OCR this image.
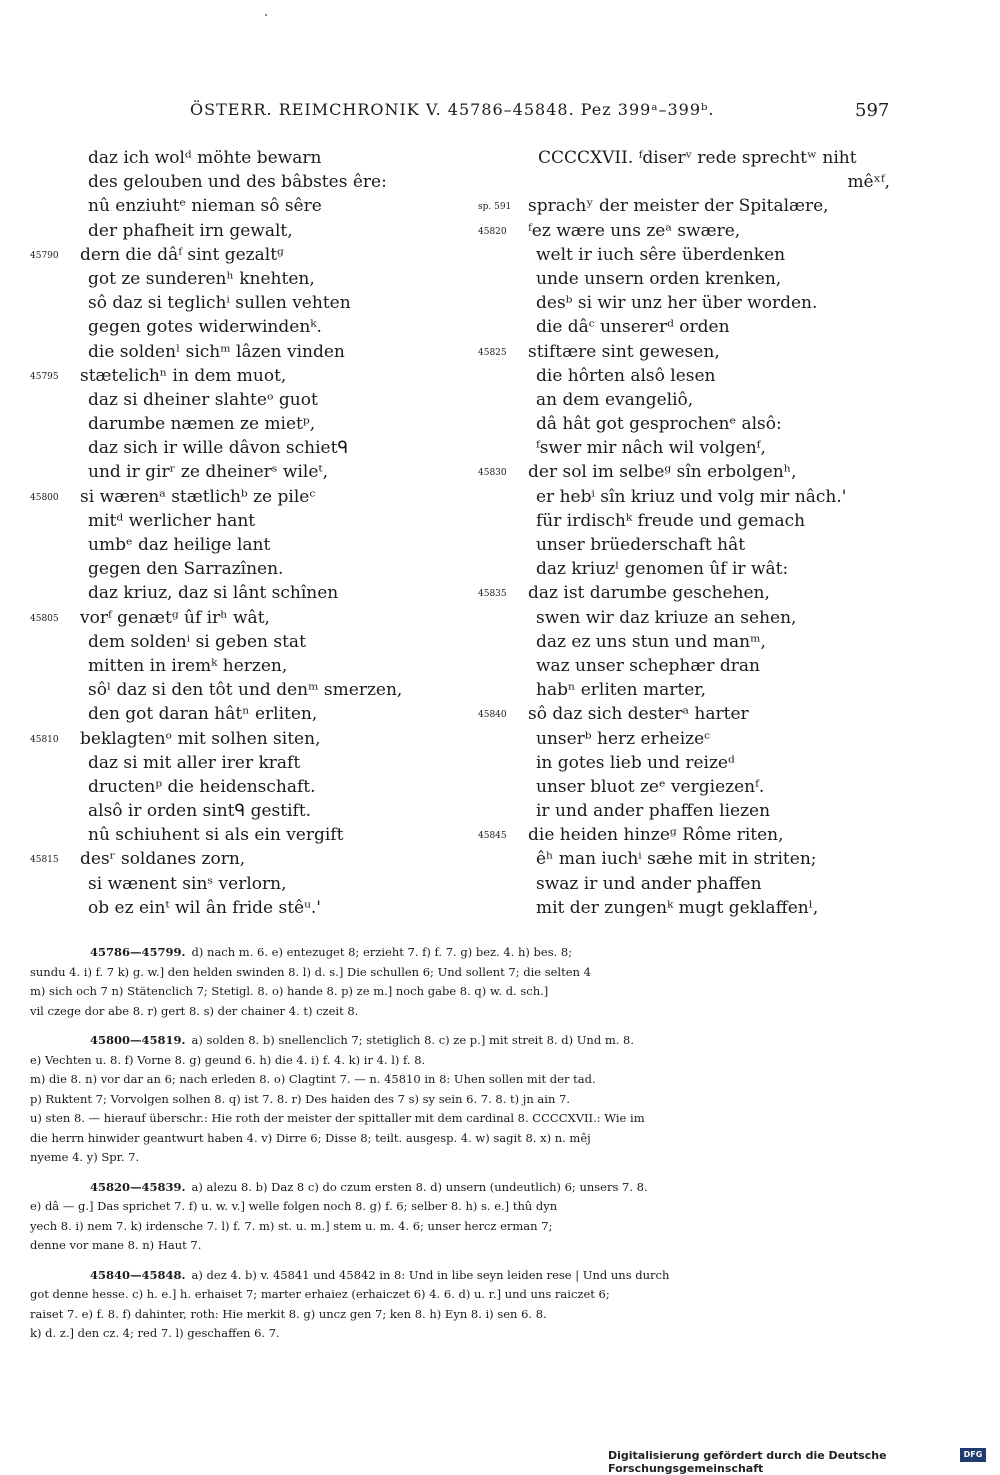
ÖSTERR. REIMCHRONIK V. 45786–45848. Pez 399ᵃ–399ᵇ.	597
daz ich wolᵈ möhte bewarn
des gelouben und des bâbstes êre:
nû enziuhtᵉ nieman sô sêre
der phafheit irn gewalt,
45790	dern die dâᶠ sint gezaltᵍ
got ze sunderenʰ knehten,
sô daz si teglichⁱ sullen vehten
gegen gotes widerwindenᵏ.
die soldenˡ sichᵐ lâzen vinden
45795	stætelichⁿ in dem muot,
daz si dheiner slahteᵒ guot
darumbe næmen ze mietᵖ,
daz sich ir wille dâvon schietᑫ
und ir girʳ ze dheinerˢ wileᵗ,
45800	si wærenᵃ stætlichᵇ ze pileᶜ
mitᵈ werlicher hant
umbᵉ daz heilige lant
gegen den Sarrazînen.
daz kriuz, daz si lânt schînen
45805	vorᶠ genætᵍ ûf irʰ wât,
dem soldenⁱ si geben stat
mitten in iremᵏ herzen,
sôˡ daz si den tôt und denᵐ smerzen,
den got daran hâtⁿ erliten,
45810	beklagtenᵒ mit solhen siten,
daz si mit aller irer kraft
dructenᵖ die heidenschaft.
alsô ir orden sintᑫ gestift.
nû schiuhent si als ein vergift
45815	desʳ soldanes zorn,
si wænent sinˢ verlorn,
ob ez einᵗ wil ân fride stêᵘ.'
CCCCXVII. ᶠdiserᵛ rede sprechtʷ niht
mêˣᶠ,
sp. 591 sprachʸ der meister der Spitalære,
45820	ᶠez wære uns zeᵃ swære,
welt ir iuch sêre überdenken
unde unsern orden krenken,
desᵇ si wir unz her über worden.
die dâᶜ unsererᵈ orden
45825	stiftære sint gewesen,
die hôrten alsô lesen
an dem evangeliô,
dâ hât got gesprochenᵉ alsô:
ᶠswer mir nâch wil volgenᶠ,
45830	der sol im selbeᵍ sîn erbolgenʰ,
er hebⁱ sîn kriuz und volg mir nâch.'
für irdischᵏ freude und gemach
unser brüederschaft hât
daz kriuzˡ genomen ûf ir wât:
45835	daz ist darumbe geschehen,
swen wir daz kriuze an sehen,
daz ez uns stun und manᵐ,
waz unser schephær dran
habⁿ erliten marter,
45840	sô daz sich desterᵃ harter
unserᵇ herz erheizeᶜ
in gotes lieb und reizeᵈ
unser bluot zeᵉ vergiezenᶠ.
ir und ander phaffen liezen
45845	die heiden hinzeᵍ Rôme riten,
êʰ man iuchⁱ sæhe mit in striten;
swaz ir und ander phaffen
mit der zungenᵏ mugt geklaffenˡ,
45786—45799. d) nach m. 6. e) entezuget 8; erzieht 7. f) f. 7. g) bez. 4. h) bes. 8;
sundu 4. i) f. 7 k) g. w.] den helden swinden 8. l) d. s.] Die schullen 6; Und sollent 7; die selten 4
m) sich och 7 n) Stätenclich 7; Stetigl. 8. o) hande 8. p) ze m.] noch gabe 8. q) w. d. sch.]
vil czege dor abe 8. r) gert 8. s) der chainer 4. t) czeit 8.
45800—45819. a) solden 8. b) snellenclich 7; stetiglich 8. c) ze p.] mit streit 8. d) Und m. 8.
e) Vechten u. 8. f) Vorne 8. g) geund 6. h) die 4. i) f. 4. k) ir 4. l) f. 8.
m) die 8. n) vor dar an 6; nach erleden 8. o) Clagtint 7. — n. 45810 in 8: Uhen sollen mit der tad.
p) Ruktent 7; Vorvolgen solhen 8. q) ist 7. 8. r) Des haiden des 7 s) sy sein 6. 7. 8. t) jn ain 7.
u) sten 8. — hierauf überschr.: Hie roth der meister der spittaller mit dem cardinal 8. CCCCXVII.: Wie im
die herrn hinwider geantwurt haben 4. v) Dirre 6; Disse 8; teilt. ausgesp. 4. w) sagit 8. x) n. mêj
nyeme 4. y) Spr. 7.
45820—45839. a) alezu 8. b) Daz 8 c) do czum ersten 8. d) unsern (undeutlich) 6; unsers 7. 8.
e) dâ — g.] Das sprichet 7. f) u. w. v.] welle folgen noch 8. g) f. 6; selber 8. h) s. e.] thû dyn
yech 8. i) nem 7. k) irdensche 7. l) f. 7. m) st. u. m.] stem u. m. 4. 6; unser hercz erman 7;
denne vor mane 8. n) Haut 7.
45840—45848. a) dez 4. b) v. 45841 und 45842 in 8: Und in libe seyn leiden rese | Und uns durch
got denne hesse. c) h. e.] h. erhaiset 7; marter erhaiez (erhaiczet 6) 4. 6. d) u. r.] und uns raiczet 6;
raiset 7. e) f. 8. f) dahinter, roth: Hie merkit 8. g) uncz gen 7; ken 8. h) Eyn 8. i) sen 6. 8.
k) d. z.] den cz. 4; red 7. l) geschaffen 6. 7.
Digitalisierung gefördert durch die Deutsche Forschungsgemeinschaft
DFG
